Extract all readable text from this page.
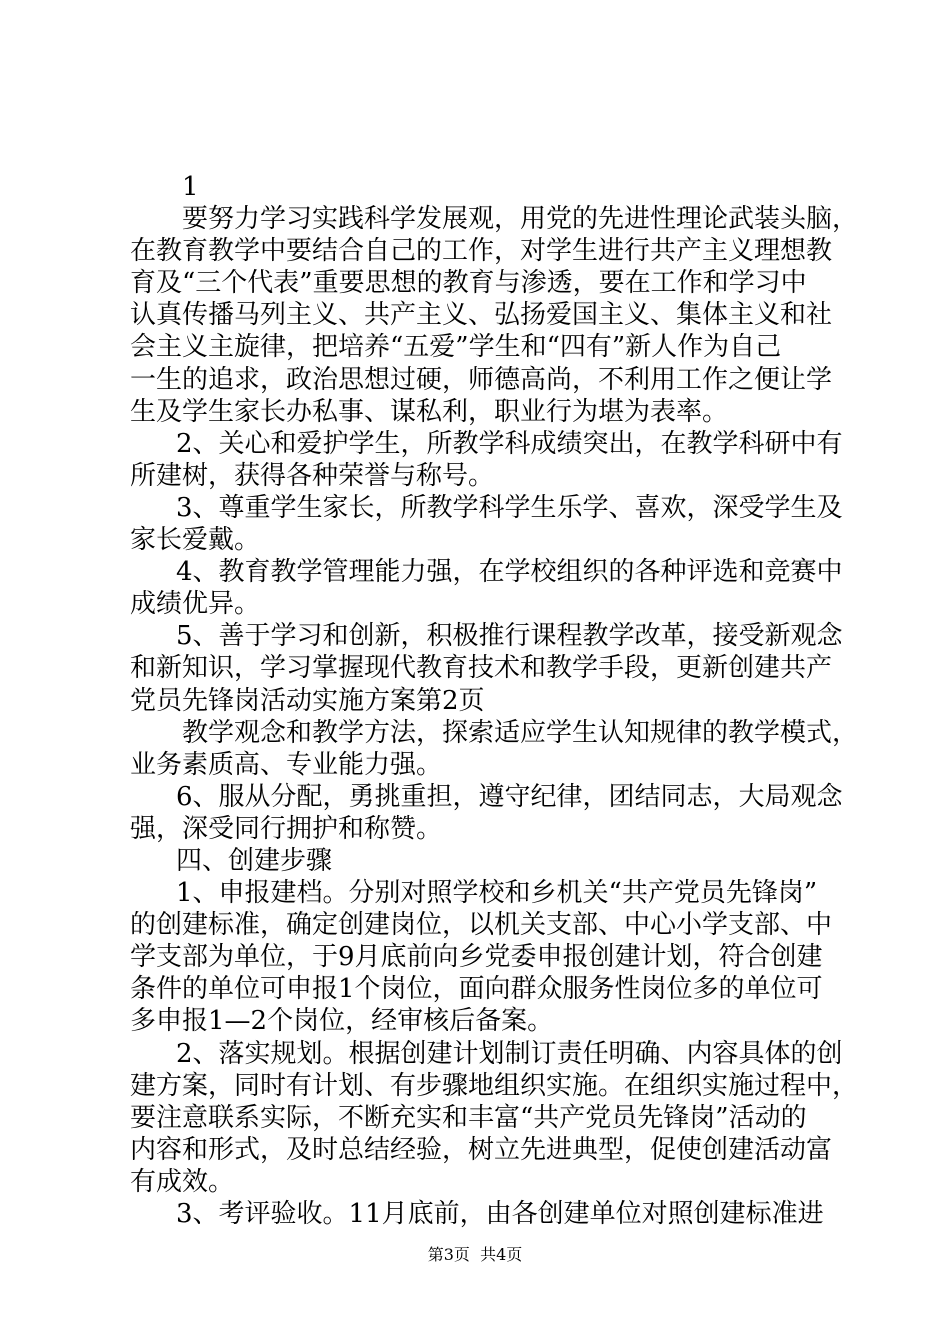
1
要努力学习实践科学发展观，用党的先进性理论武装头脑，
在教育教学中要结合自己的工作，对学生进行共产主义理想教
育及“三个代表”重要思想的教育与渗透，要在工作和学习中
认真传播马列主义、共产主义、弘扬爱国主义、集体主义和社
会主义主旋律，把培养“五爱”学生和“四有”新人作为自己
一生的追求，政治思想过硬，师德高尚，不利用工作之便让学
生及学生家长办私事、谋私利，职业行为堪为表率。
2、关心和爱护学生，所教学科成绩突出，在教学科研中有
所建树，获得各种荣誉与称号。
3、尊重学生家长，所教学科学生乐学、喜欢，深受学生及
家长爱戴。
4、教育教学管理能力强，在学校组织的各种评选和竞赛中
成绩优异。
5、善于学习和创新，积极推行课程教学改革，接受新观念
和新知识，学习掌握现代教育技术和教学手段，更新创建共产
党员先锋岗活动实施方案第2页
教学观念和教学方法，探索适应学生认知规律的教学模式，
业务素质高、专业能力强。
6、服从分配，勇挑重担，遵守纪律，团结同志，大局观念
强，深受同行拥护和称赞。
四、创建步骤
1、申报建档。分别对照学校和乡机关“共产党员先锋岗”
的创建标准，确定创建岗位，以机关支部、中心小学支部、中
学支部为单位，于9月底前向乡党委申报创建计划，符合创建
条件的单位可申报1个岗位，面向群众服务性岗位多的单位可
多申报1—2个岗位，经审核后备案。
2、落实规划。根据创建计划制订责任明确、内容具体的创
建方案，同时有计划、有步骤地组织实施。在组织实施过程中，
要注意联系实际，不断充实和丰富“共产党员先锋岗”活动的
内容和形式，及时总结经验，树立先进典型，促使创建活动富
有成效。
3、考评验收。11月底前，由各创建单位对照创建标准进
第3页  共4页
